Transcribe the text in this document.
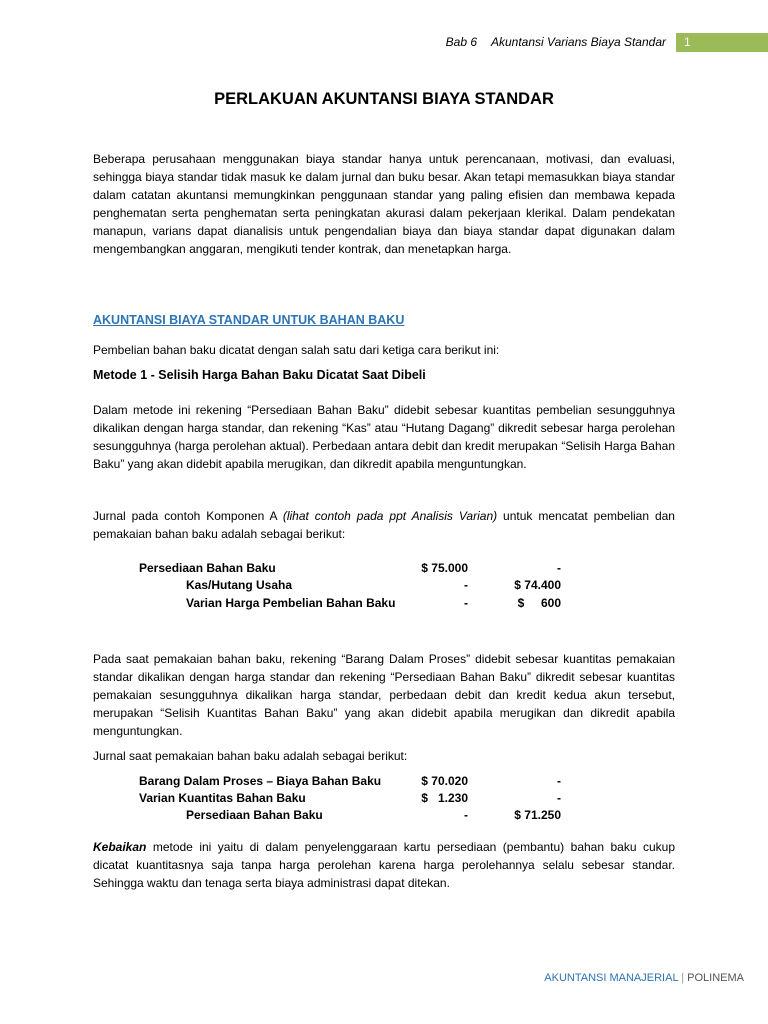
Bab 6 Akuntansi Varians Biaya Standar	1
PERLAKUAN AKUNTANSI BIAYA STANDAR

Beberapa perusahaan menggunakan biaya standar hanya untuk perencanaan, motivasi, dan evaluasi, sehingga biaya standar tidak masuk ke dalam jurnal dan buku besar. Akan tetapi memasukkan biaya standar dalam catatan akuntansi memungkinkan penggunaan standar yang paling efisien dan membawa kepada penghematan serta penghematan serta peningkatan akurasi dalam pekerjaan klerikal. Dalam pendekatan manapun, varians dapat dianalisis untuk pengendalian biaya dan biaya standar dapat digunakan dalam mengembangkan anggaran, mengikuti tender kontrak, dan menetapkan harga.

AKUNTANSI BIAYA STANDAR UNTUK BAHAN BAKU

Pembelian bahan baku dicatat dengan salah satu dari ketiga cara berikut ini:

Metode 1 - Selisih Harga Bahan Baku Dicatat Saat Dibeli

Dalam metode ini rekening “Persediaan Bahan Baku” didebit sebesar kuantitas pembelian sesungguhnya dikalikan dengan harga standar, dan rekening “Kas” atau “Hutang Dagang” dikredit sebesar harga perolehan sesungguhnya (harga perolehan aktual). Perbedaan antara debit dan kredit merupakan “Selisih Harga Bahan Baku” yang akan didebit apabila merugikan, dan dikredit apabila menguntungkan.

Jurnal pada contoh Komponen A (lihat contoh pada ppt Analisis Varian) untuk mencatat pembelian dan pemakaian bahan baku adalah sebagai berikut:

Persediaan Bahan Baku	$ 75.000	-
Kas/Hutang Usaha	-	$ 74.400
Varian Harga Pembelian Bahan Baku	-	$     600

Pada saat pemakaian bahan baku, rekening “Barang Dalam Proses” didebit sebesar kuantitas pemakaian standar dikalikan dengan harga standar dan rekening “Persediaan Bahan Baku” dikredit sebesar kuantitas pemakaian sesungguhnya dikalikan harga standar, perbedaan debit dan kredit kedua akun tersebut, merupakan “Selisih Kuantitas Bahan Baku” yang akan didebit apabila merugikan dan dikredit apabila menguntungkan.

Jurnal saat pemakaian bahan baku adalah sebagai berikut:

Barang Dalam Proses – Biaya Bahan Baku	$ 70.020	-
Varian Kuantitas Bahan Baku	$   1.230	-
Persediaan Bahan Baku	-	$ 71.250

Kebaikan metode ini yaitu di dalam penyelenggaraan kartu persediaan (pembantu) bahan baku cukup dicatat kuantitasnya saja tanpa harga perolehan karena harga perolehannya selalu sebesar standar. Sehingga waktu dan tenaga serta biaya administrasi dapat ditekan.

AKUNTANSI MANAJERIAL | POLINEMA
